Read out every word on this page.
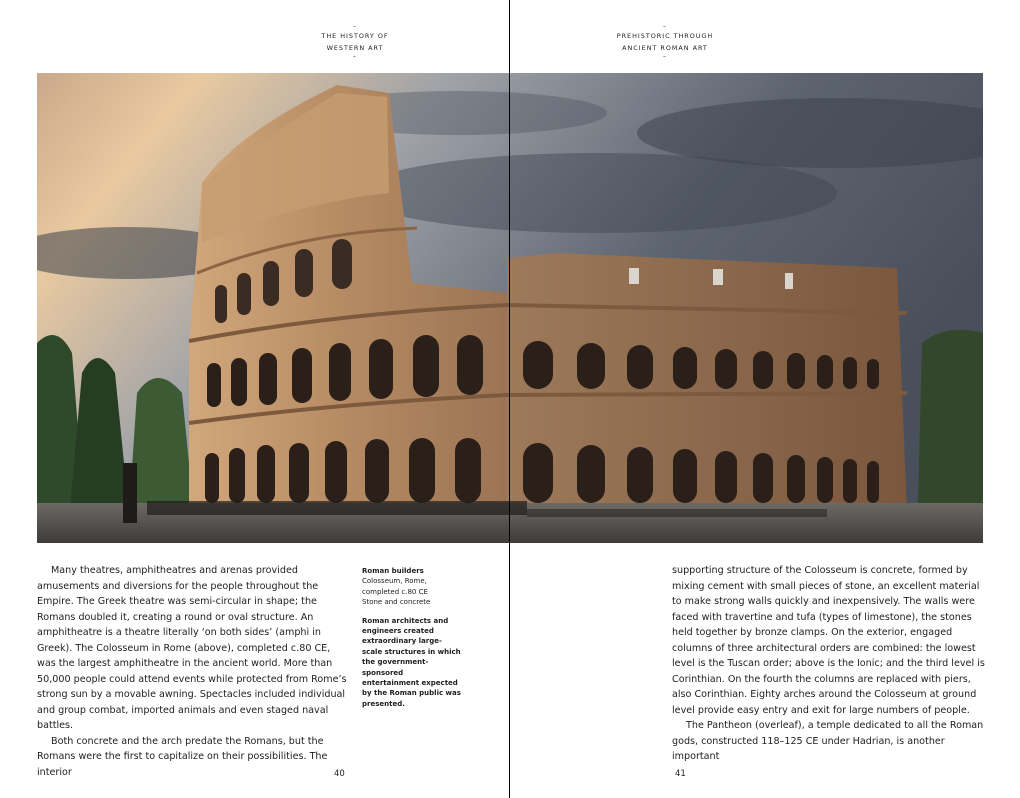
–
THE HISTORY OF
WESTERN ART
–

Many theatres, amphitheatres and arenas provided amusements and diversions for the people throughout the Empire. The Greek theatre was semi-circular in shape; the Romans doubled it, creating a round or oval structure. An amphitheatre is a theatre literally ‘on both sides’ (amphi in Greek). The Colosseum in Rome (above), completed c.80 CE, was the largest amphitheatre in the ancient world. More than 50,000 people could attend events while protected from Rome’s strong sun by a movable awning. Spectacles included individual and group combat, imported animals and even staged naval battles.

Both concrete and the arch predate the Romans, but the Romans were the first to capitalize on their possibilities. The interior

Roman builders
Colosseum, Rome,
completed c.80 CE
Stone and concrete
Roman architects and engineers created extraordinary large-scale structures in which the government-sponsored entertainment expected by the Roman public was presented.
40
–
PREHISTORIC THROUGH
ANCIENT ROMAN ART
–

supporting structure of the Colosseum is concrete, formed by mixing cement with small pieces of stone, an excellent material to make strong walls quickly and inexpensively. The walls were faced with travertine and tufa (types of limestone), the stones held together by bronze clamps. On the exterior, engaged columns of three architectural orders are combined: the lowest level is the Tuscan order; above is the Ionic; and the third level is Corinthian. On the fourth the columns are replaced with piers, also Corinthian. Eighty arches around the Colosseum at ground level provide easy entry and exit for large numbers of people.

The Pantheon (overleaf), a temple dedicated to all the Roman gods, constructed 118–125 CE under Hadrian, is another important

41
